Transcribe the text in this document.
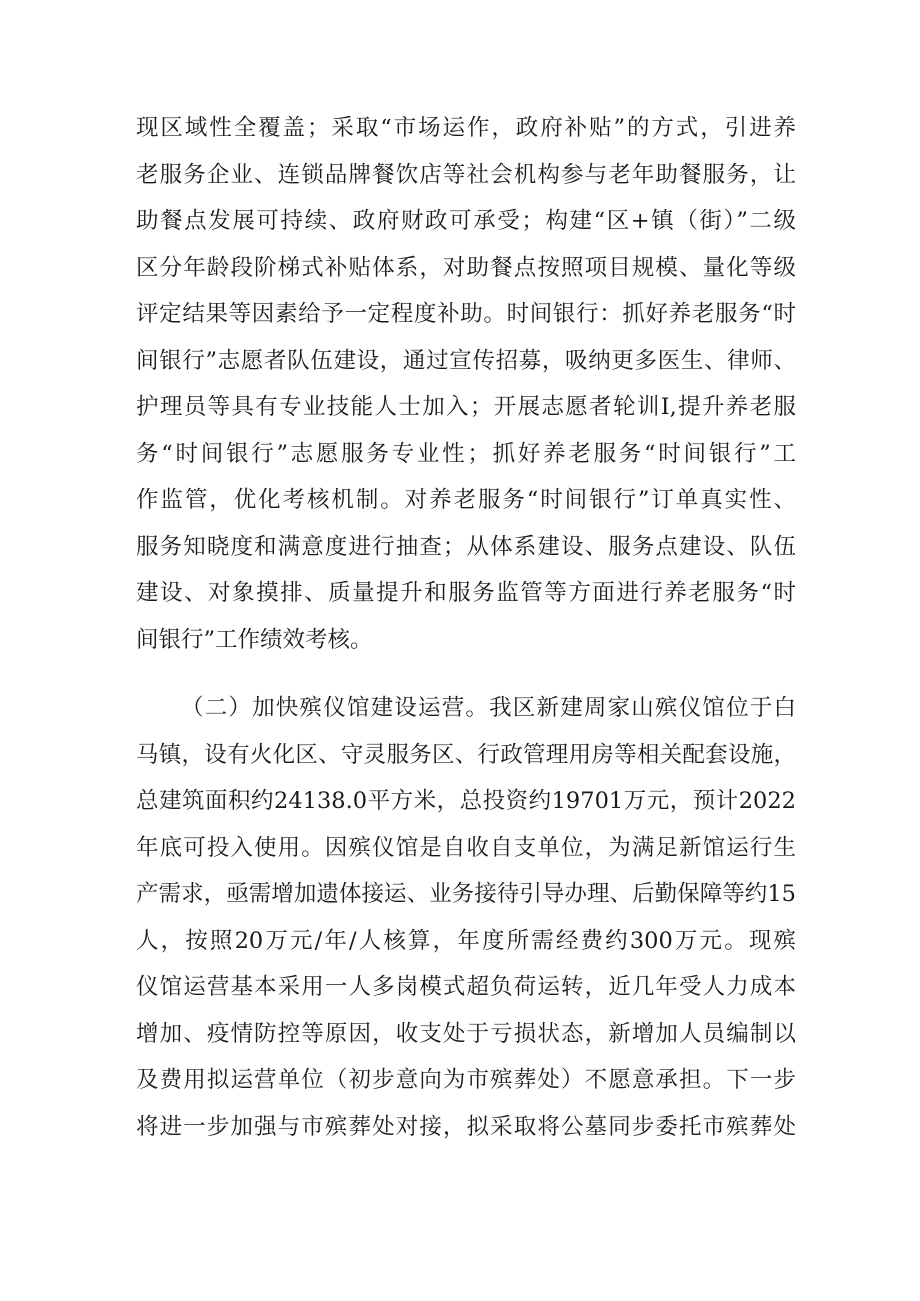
现区域性全覆盖；采取“市场运作，政府补贴”的方式，引进养
老服务企业、连锁品牌餐饮店等社会机构参与老年助餐服务，让
助餐点发展可持续、政府财政可承受；构建“区+镇（街）”二级
区分年龄段阶梯式补贴体系，对助餐点按照项目规模、量化等级
评定结果等因素给予一定程度补助。时间银行：抓好养老服务“时
间银行”志愿者队伍建设，通过宣传招募，吸纳更多医生、律师、
护理员等具有专业技能人士加入；开展志愿者轮训I,提升养老服
务“时间银行”志愿服务专业性；抓好养老服务“时间银行”工
作监管，优化考核机制。对养老服务“时间银行”订单真实性、
服务知晓度和满意度进行抽查；从体系建设、服务点建设、队伍
建设、对象摸排、质量提升和服务监管等方面进行养老服务“时
间银行”工作绩效考核。
（二）加快殡仪馆建设运营。我区新建周家山殡仪馆位于白
马镇，设有火化区、守灵服务区、行政管理用房等相关配套设施，
总建筑面积约24138.0平方米，总投资约19701万元，预计2022
年底可投入使用。因殡仪馆是自收自支单位，为满足新馆运行生
产需求，亟需增加遗体接运、业务接待引导办理、后勤保障等约15
人，按照20万元/年/人核算，年度所需经费约300万元。现殡
仪馆运营基本采用一人多岗模式超负荷运转，近几年受人力成本
增加、疫情防控等原因，收支处于亏损状态，新增加人员编制以
及费用拟运营单位（初步意向为市殡葬处）不愿意承担。下一步
将进一步加强与市殡葬处对接，拟采取将公墓同步委托市殡葬处
